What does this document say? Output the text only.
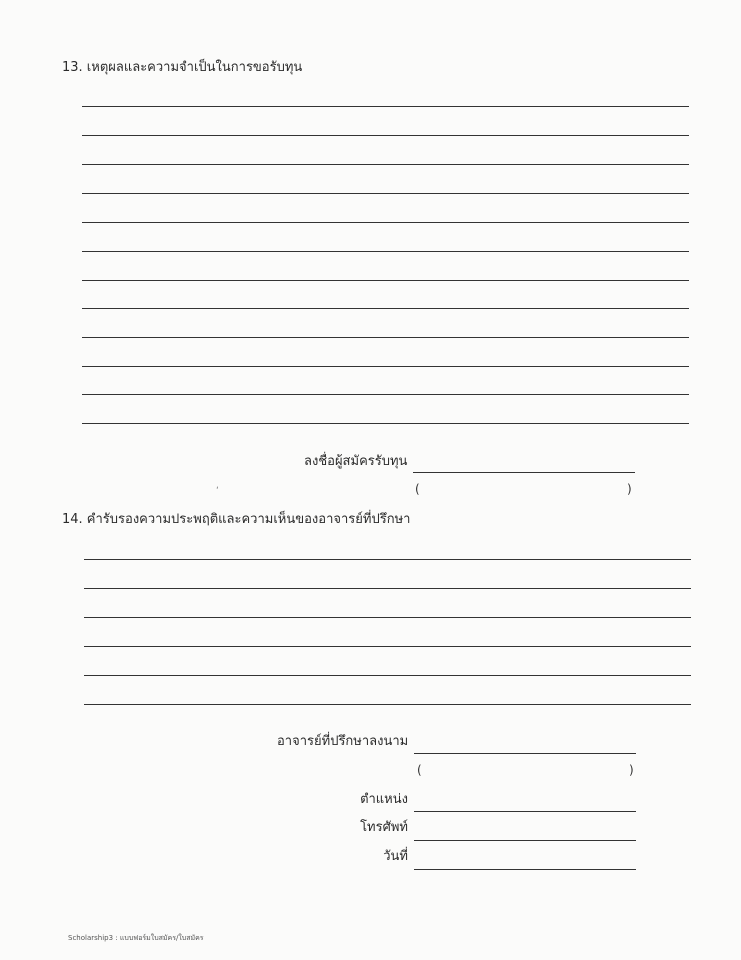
13. เหตุผลและความจำเป็นในการขอรับทุน
ลงชื่อผู้สมัครรับทุน
(	)
‘
14. คำรับรองความประพฤติและความเห็นของอาจารย์ที่ปรึกษา
อาจารย์ที่ปรึกษาลงนาม
(	)
ตำแหน่ง
โทรศัพท์
วันที่
Scholarship3 : แบบฟอร์มใบสมัคร/ใบสมัคร
